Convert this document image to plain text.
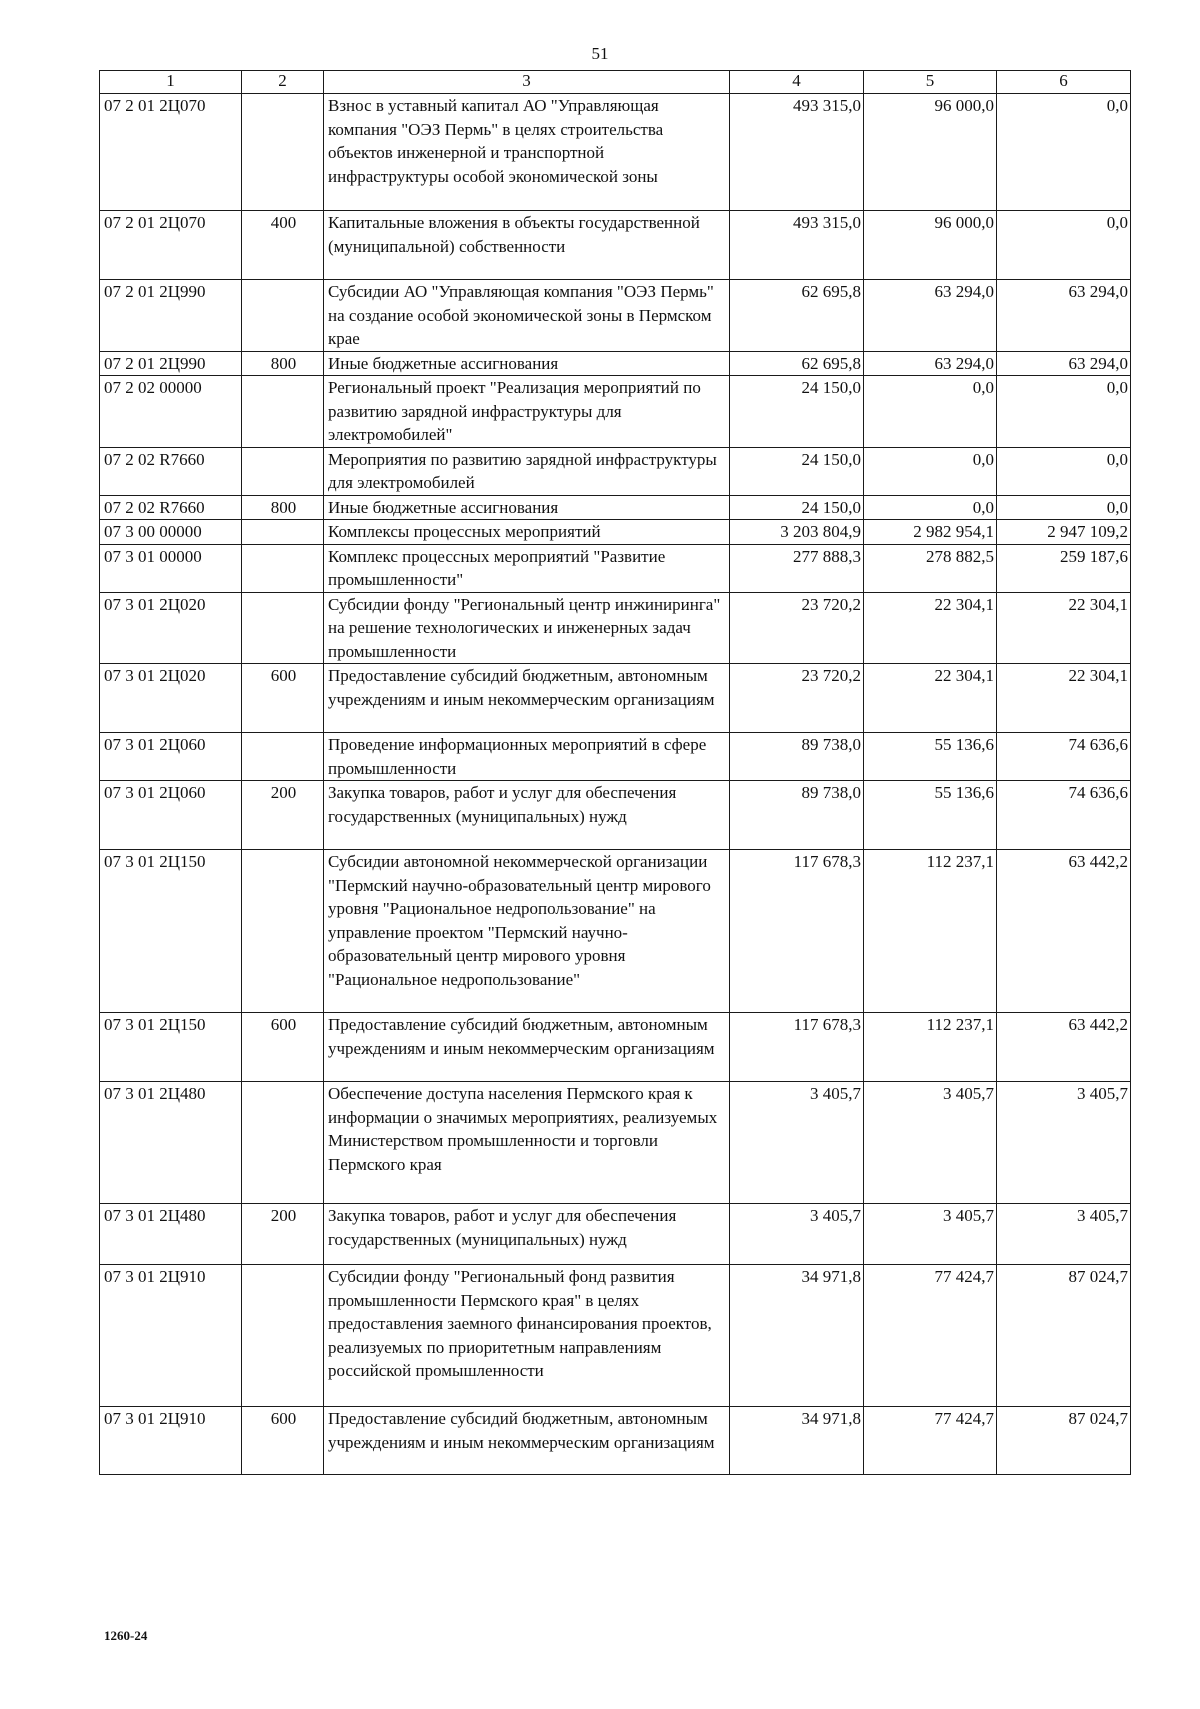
51
1	2	3	4	5	6
07 2 01 2Ц070		Взнос в уставный капитал АО "Управляющая компания "ОЭЗ Пермь" в целях строительства объектов инженерной и транспортной инфраструктуры особой экономической зоны	493 315,0	96 000,0	0,0
07 2 01 2Ц070	400	Капитальные вложения в объекты государственной (муниципальной) собственности	493 315,0	96 000,0	0,0
07 2 01 2Ц990		Субсидии АО "Управляющая компания "ОЭЗ Пермь" на создание особой экономической зоны в Пермском крае	62 695,8	63 294,0	63 294,0
07 2 01 2Ц990	800	Иные бюджетные ассигнования	62 695,8	63 294,0	63 294,0
07 2 02 00000		Региональный проект "Реализация мероприятий по развитию зарядной инфраструктуры для электромобилей"	24 150,0	0,0	0,0
07 2 02 R7660		Мероприятия по развитию зарядной инфраструктуры для электромобилей	24 150,0	0,0	0,0
07 2 02 R7660	800	Иные бюджетные ассигнования	24 150,0	0,0	0,0
07 3 00 00000		Комплексы процессных мероприятий	3 203 804,9	2 982 954,1	2 947 109,2
07 3 01 00000		Комплекс процессных мероприятий "Развитие промышленности"	277 888,3	278 882,5	259 187,6
07 3 01 2Ц020		Субсидии фонду "Региональный центр инжиниринга" на решение технологических и инженерных задач промышленности	23 720,2	22 304,1	22 304,1
07 3 01 2Ц020	600	Предоставление субсидий бюджетным, автономным учреждениям и иным некоммерческим организациям	23 720,2	22 304,1	22 304,1
07 3 01 2Ц060		Проведение информационных мероприятий в сфере промышленности	89 738,0	55 136,6	74 636,6
07 3 01 2Ц060	200	Закупка товаров, работ и услуг для обеспечения государственных (муниципальных) нужд	89 738,0	55 136,6	74 636,6
07 3 01 2Ц150		Субсидии автономной некоммерческой организации "Пермский научно-образовательный центр мирового уровня "Рациональное недропользование" на управление проектом "Пермский научно-образовательный центр мирового уровня "Рациональное недропользование"	117 678,3	112 237,1	63 442,2
07 3 01 2Ц150	600	Предоставление субсидий бюджетным, автономным учреждениям и иным некоммерческим организациям	117 678,3	112 237,1	63 442,2
07 3 01 2Ц480		Обеспечение доступа населения Пермского края к информации о значимых мероприятиях, реализуемых Министерством промышленности и торговли Пермского края	3 405,7	3 405,7	3 405,7
07 3 01 2Ц480	200	Закупка товаров, работ и услуг для обеспечения государственных (муниципальных) нужд	3 405,7	3 405,7	3 405,7
07 3 01 2Ц910		Субсидии фонду "Региональный фонд развития промышленности Пермского края" в целях предоставления заемного финансирования проектов, реализуемых по приоритетным направлениям российской промышленности	34 971,8	77 424,7	87 024,7
07 3 01 2Ц910	600	Предоставление субсидий бюджетным, автономным учреждениям и иным некоммерческим организациям	34 971,8	77 424,7	87 024,7
1260-24
